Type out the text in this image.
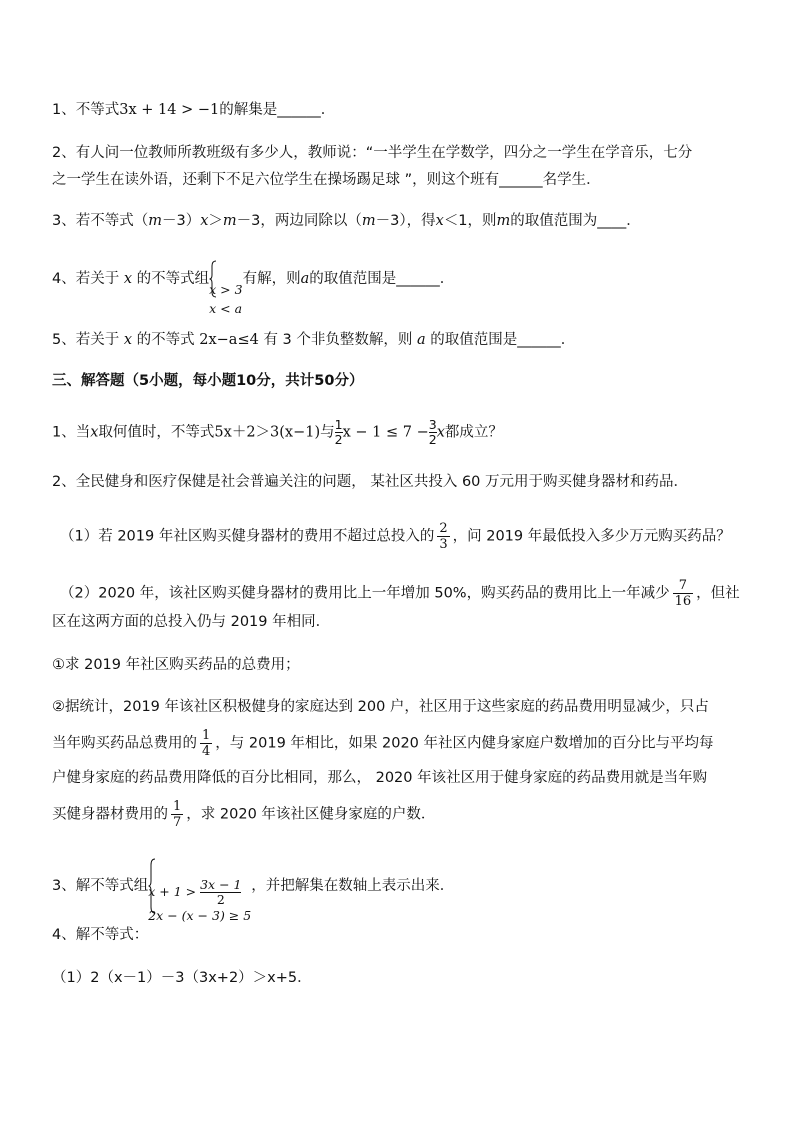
1、不等式3x + 14 > −1的解集是______．
2、有人问一位教师所教班级有多少人，教师说：“一半学生在学数学，四分之一学生在学音乐，七分
之一学生在读外语，还剩下不足六位学生在操场踢足球 ”，则这个班有______名学生．
3、若不等式（m－3）x＞m－3，两边同除以（m－3），得x＜1，则m的取值范围为____．
4、若关于 x 的不等式组
x > 3
x < a
有解，则a的取值范围是______．
5、若关于 x 的不等式 2x−a≤4 有 3 个非负整数解，则 a 的取值范围是______．
三、解答题（5小题，每小题10分，共计50分）
1、当x取何值时，不等式5x＋2＞3(x−1)与 $\frac{1}{2}$ $x - 1 \le 7 - \frac{3}{2}$ x都成立？
2、全民健身和医疗保健是社会普遍关注的问题， 某社区共投入 60 万元用于购买健身器材和药品．
（1）若 2019 年社区购买健身器材的费用不超过总投入的 $\frac{2}{3}$ ，问 2019 年最低投入多少万元购买药品？
（2）2020 年，该社区购买健身器材的费用比上一年增加 50%，购买药品的费用比上一年减少 $\frac{7}{16}$ ，但社
区在这两方面的总投入仍与 2019 年相同．
①求 2019 年社区购买药品的总费用；
②据统计，2019 年该社区积极健身的家庭达到 200 户，社区用于这些家庭的药品费用明显减少，只占
当年购买药品总费用的 $\frac{1}{4}$ ，与 2019 年相比，如果 2020 年社区内健身家庭户数增加的百分比与平均每
户健身家庭的药品费用降低的百分比相同，那么， 2020 年该社区用于健身家庭的药品费用就是当年购
买健身器材费用的 $\frac{1}{7}$ ，求 2020 年该社区健身家庭的户数．
3、解不等式组 $x + 1 > \frac{3x - 1}{2}$
2x − (x − 3) ≥ 5
，并把解集在数轴上表示出来．
4、解不等式：
（1）2（x－1）－3（3x+2）＞x+5．
